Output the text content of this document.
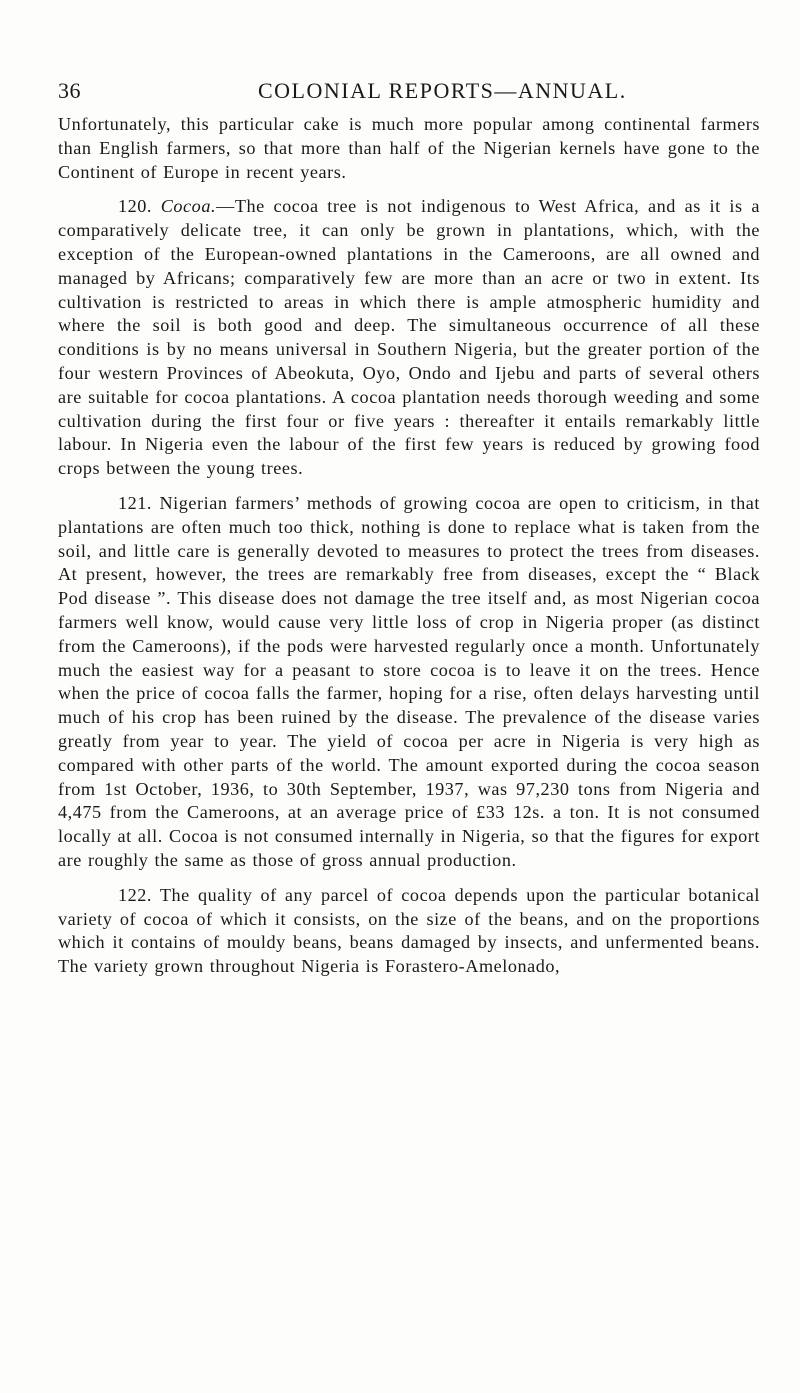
36	COLONIAL REPORTS—ANNUAL.

Unfortunately, this particular cake is much more popular among continental farmers than English farmers, so that more than half of the Nigerian kernels have gone to the Continent of Europe in recent years.

120. Cocoa.—The cocoa tree is not indigenous to West Africa, and as it is a comparatively delicate tree, it can only be grown in plantations, which, with the exception of the European-owned plantations in the Cameroons, are all owned and managed by Africans; comparatively few are more than an acre or two in extent. Its cultivation is restricted to areas in which there is ample atmospheric humidity and where the soil is both good and deep. The simultaneous occurrence of all these conditions is by no means universal in Southern Nigeria, but the greater portion of the four western Provinces of Abeokuta, Oyo, Ondo and Ijebu and parts of several others are suitable for cocoa plantations. A cocoa plantation needs thorough weeding and some cultivation during the first four or five years : thereafter it entails remarkably little labour. In Nigeria even the labour of the first few years is reduced by growing food crops between the young trees.

121. Nigerian farmers’ methods of growing cocoa are open to criticism, in that plantations are often much too thick, nothing is done to replace what is taken from the soil, and little care is generally devoted to measures to protect the trees from diseases. At present, however, the trees are remarkably free from diseases, except the “ Black Pod disease ”. This disease does not damage the tree itself and, as most Nigerian cocoa farmers well know, would cause very little loss of crop in Nigeria proper (as distinct from the Cameroons), if the pods were harvested regularly once a month. Unfortunately much the easiest way for a peasant to store cocoa is to leave it on the trees. Hence when the price of cocoa falls the farmer, hoping for a rise, often delays harvesting until much of his crop has been ruined by the disease. The prevalence of the disease varies greatly from year to year. The yield of cocoa per acre in Nigeria is very high as compared with other parts of the world. The amount exported during the cocoa season from 1st October, 1936, to 30th September, 1937, was 97,230 tons from Nigeria and 4,475 from the Cameroons, at an average price of £33 12s. a ton. It is not consumed locally at all. Cocoa is not consumed internally in Nigeria, so that the figures for export are roughly the same as those of gross annual production.

122. The quality of any parcel of cocoa depends upon the particular botanical variety of cocoa of which it consists, on the size of the beans, and on the proportions which it contains of mouldy beans, beans damaged by insects, and unfermented beans. The variety grown throughout Nigeria is Forastero-Amelonado,
